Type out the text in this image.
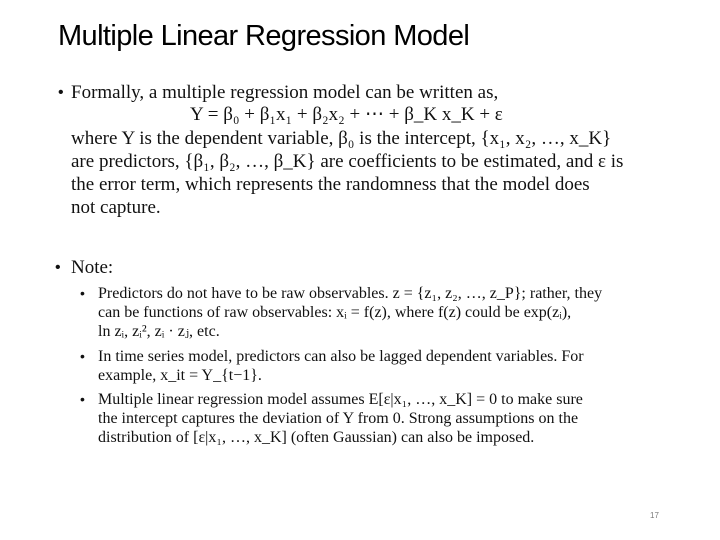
Multiple Linear Regression Model
• Formally, a multiple regression model can be written as,
Y = β₀ + β₁x₁ + β₂x₂ + ⋯ + β_K x_K + ε
where Y is the dependent variable, β₀ is the intercept, {x₁, x₂, …, x_K}
are predictors, {β₁, β₂, …, β_K} are coefficients to be estimated, and ε is
the error term, which represents the randomness that the model does
not capture.
• Note:
• Predictors do not have to be raw observables. z = {z₁, z₂, …, z_P}; rather, they
can be functions of raw observables: xᵢ = f(z), where f(z) could be exp(zᵢ),
ln zᵢ, zᵢ², zᵢ · zⱼ, etc.
• In time series model, predictors can also be lagged dependent variables. For
example, x_it = Y_{t−1}.
• Multiple linear regression model assumes E[ε|x₁, …, x_K] = 0 to make sure
the intercept captures the deviation of Y from 0. Strong assumptions on the
distribution of [ε|x₁, …, x_K] (often Gaussian) can also be imposed.
17
